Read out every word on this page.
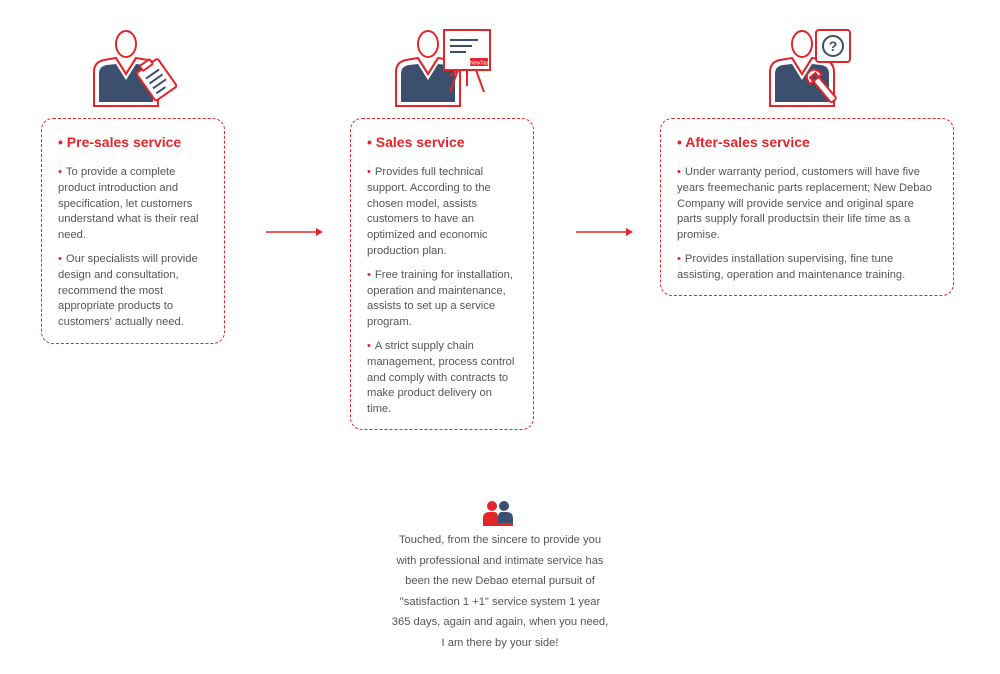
NewTop
?
• Pre-sales service

• To provide a complete product introduction and specification, let customers understand what is their real need.

• Our specialists will provide design and consultation, recommend the most appropriate products to customers' actually need.

• Sales service

• Provides full technical support. According to the chosen model, assists customers to have an optimized and economic production plan.

• Free training for installation, operation and maintenance, assists to set up a service program.

• A strict supply chain management, process control and comply with contracts to make product delivery on time.

• After-sales service

• Under warranty period, customers will have five years freemechanic parts replacement; New Debao Company will provide service and original spare parts supply forall productsin their life time as a promise.

• Provides installation supervising, fine tune assisting, operation and maintenance training.

Touched, from the sincere to provide you with professional and intimate service has been the new Debao eternal pursuit of "satisfaction 1 +1" service system 1 year 365 days, again and again, when you need, I am there by your side!
